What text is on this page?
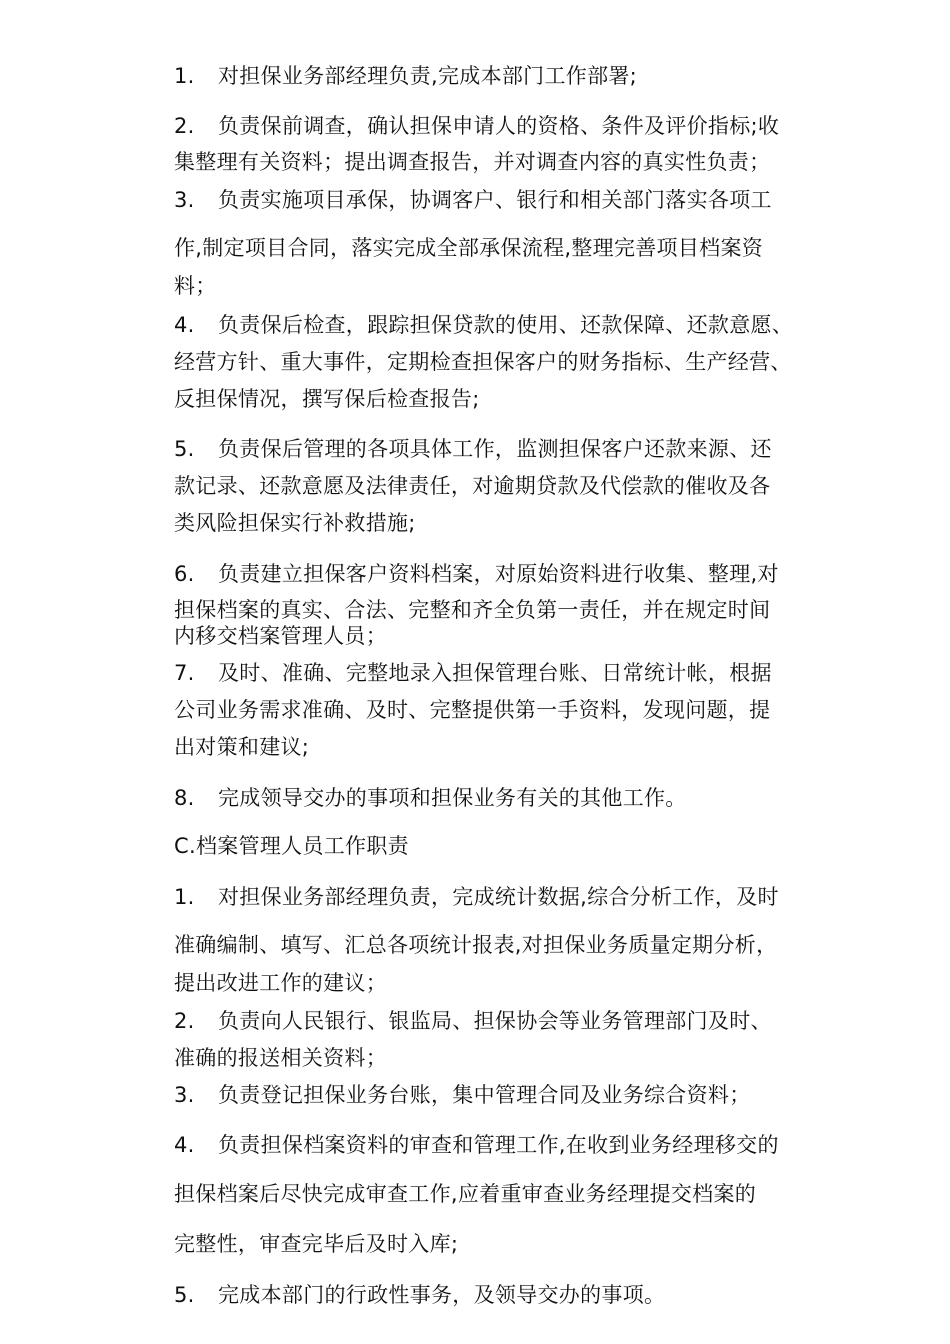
1. 对担保业务部经理负责,完成本部门工作部署;
2. 负责保前调查，确认担保申请人的资格、条件及评价指标;收
集整理有关资料；提出调查报告，并对调查内容的真实性负责；
3. 负责实施项目承保，协调客户、银行和相关部门落实各项工
作,制定项目合同，落实完成全部承保流程,整理完善项目档案资
料；
4. 负责保后检查，跟踪担保贷款的使用、还款保障、还款意愿、
经营方针、重大事件，定期检查担保客户的财务指标、生产经营、
反担保情况，撰写保后检查报告;
5. 负责保后管理的各项具体工作，监测担保客户还款来源、还
款记录、还款意愿及法律责任，对逾期贷款及代偿款的催收及各
类风险担保实行补救措施;
6. 负责建立担保客户资料档案，对原始资料进行收集、整理,对
担保档案的真实、合法、完整和齐全负第一责任，并在规定时间
内移交档案管理人员；
7. 及时、准确、完整地录入担保管理台账、日常统计帐，根据
公司业务需求准确、及时、完整提供第一手资料，发现问题，提
出对策和建议;
8. 完成领导交办的事项和担保业务有关的其他工作。
C.档案管理人员工作职责
1. 对担保业务部经理负责，完成统计数据,综合分析工作，及时
准确编制、填写、汇总各项统计报表,对担保业务质量定期分析，
提出改进工作的建议；
2. 负责向人民银行、银监局、担保协会等业务管理部门及时、
准确的报送相关资料；
3. 负责登记担保业务台账，集中管理合同及业务综合资料；
4. 负责担保档案资料的审查和管理工作,在收到业务经理移交的
担保档案后尽快完成审查工作,应着重审查业务经理提交档案的
完整性，审查完毕后及时入库;
5. 完成本部门的行政性事务，及领导交办的事项。
